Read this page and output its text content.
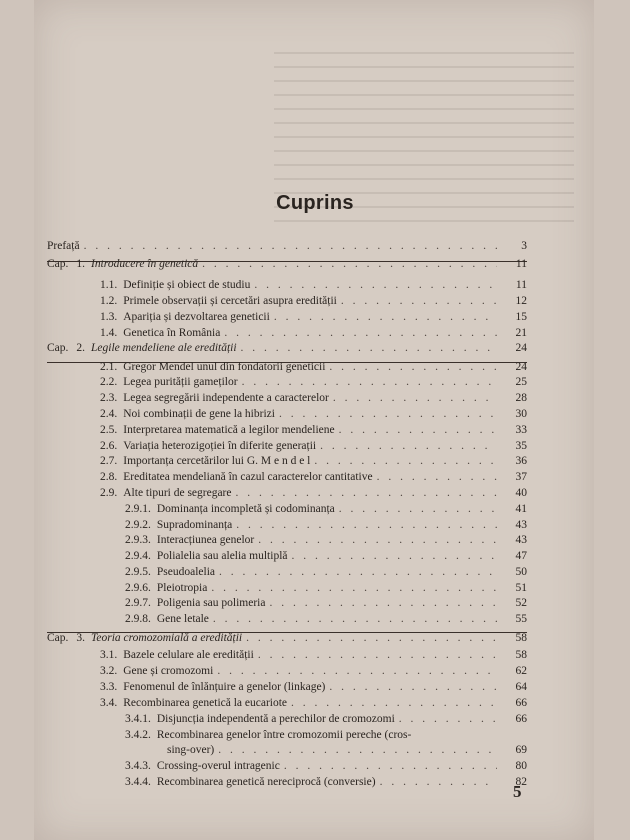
Cuprins
Prefață . . .	3
Cap. 1. Introducere în genetică . . .	11
1.1. Definiție și obiect de studiu . . .	11
1.2. Primele observații și cercetări asupra eredității . . .	12
1.3. Apariția și dezvoltarea geneticii . . .	15
1.4. Genetica în România . . .	21
Cap. 2. Legile mendeliene ale eredității . . .	24
2.1. Gregor Mendel unul din fondatorii geneticii . . .	24
2.2. Legea purității gameților . . .	25
2.3. Legea segregării independente a caracterelor . . .	28
2.4. Noi combinații de gene la hibrizi . . .	30
2.5. Interpretarea matematică a legilor mendeliene . . .	33
2.6. Variația heterozigoției în diferite generații . . .	35
2.7. Importanța cercetărilor lui G. M e n d e l . . .	36
2.8. Ereditatea mendeliană în cazul caracterelor cantitative . . .	37
2.9. Alte tipuri de segregare . . .	40
2.9.1. Dominanța incompletă și codominanța . . .	41
2.9.2. Supradominanța . . .	43
2.9.3. Interacțiunea genelor . . .	43
2.9.4. Polialelia sau alelia multiplă . . .	47
2.9.5. Pseudoalelia . . .	50
2.9.6. Pleiotropia . . .	51
2.9.7. Poligenia sau polimeria . . .	52
2.9.8. Gene letale . . .	55
Cap. 3. Teoria cromozomială a eredității . . .	58
3.1. Bazele celulare ale eredității . . .	58
3.2. Gene și cromozomi . . .	62
3.3. Fenomenul de înlănțuire a genelor (linkage) . . .	64
3.4. Recombinarea genetică la eucariote . . .	66
3.4.1. Disjuncția independentă a perechilor de cromozomi . . .	66
3.4.2. Recombinarea genelor între cromozomii pereche (cros-
sing-over) . . .	69
3.4.3. Crossing-overul intragenic . . .	80
3.4.4. Recombinarea genetică nereciprocă (conversie) . . .	82
5
